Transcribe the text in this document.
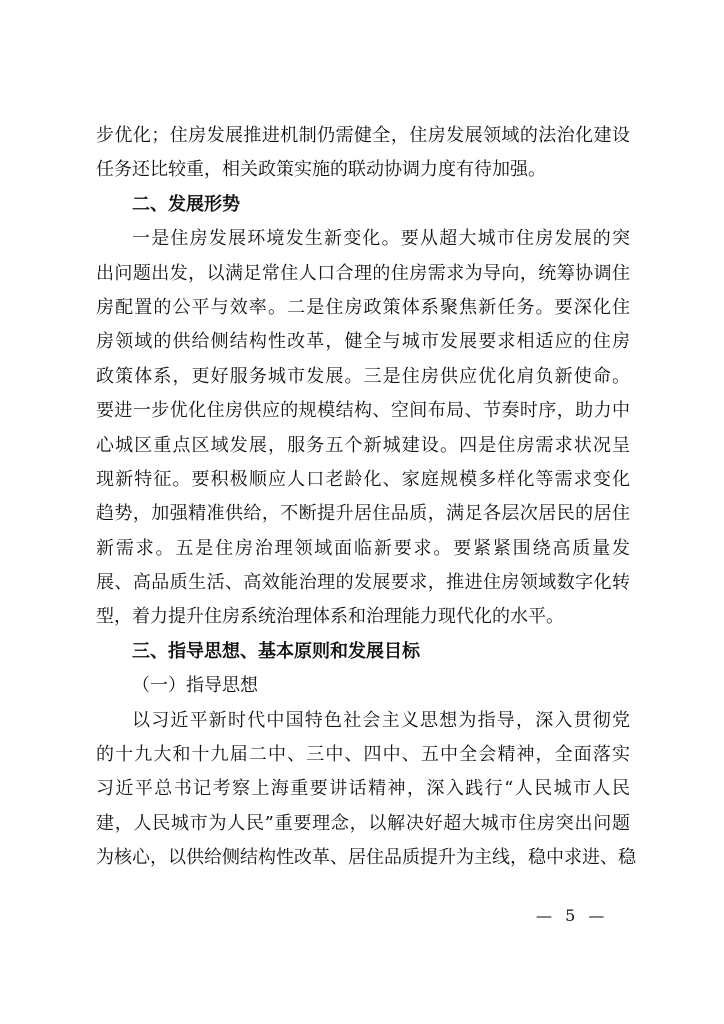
步优化；住房发展推进机制仍需健全，住房发展领域的法治化建设
任务还比较重，相关政策实施的联动协调力度有待加强。
二、发展形势
一是住房发展环境发生新变化。要从超大城市住房发展的突
出问题出发，以满足常住人口合理的住房需求为导向，统筹协调住
房配置的公平与效率。二是住房政策体系聚焦新任务。要深化住
房领域的供给侧结构性改革，健全与城市发展要求相适应的住房
政策体系，更好服务城市发展。三是住房供应优化肩负新使命。
要进一步优化住房供应的规模结构、空间布局、节奏时序，助力中
心城区重点区域发展，服务五个新城建设。四是住房需求状况呈
现新特征。要积极顺应人口老龄化、家庭规模多样化等需求变化
趋势，加强精准供给，不断提升居住品质，满足各层次居民的居住
新需求。五是住房治理领域面临新要求。要紧紧围绕高质量发
展、高品质生活、高效能治理的发展要求，推进住房领域数字化转
型，着力提升住房系统治理体系和治理能力现代化的水平。
三、指导思想、基本原则和发展目标
（一）指导思想
以习近平新时代中国特色社会主义思想为指导，深入贯彻党
的十九大和十九届二中、三中、四中、五中全会精神，全面落实
习近平总书记考察上海重要讲话精神，深入践行“人民城市人民
建，人民城市为人民”重要理念，以解决好超大城市住房突出问题
为核心，以供给侧结构性改革、居住品质提升为主线，稳中求进、稳
— 5 —
